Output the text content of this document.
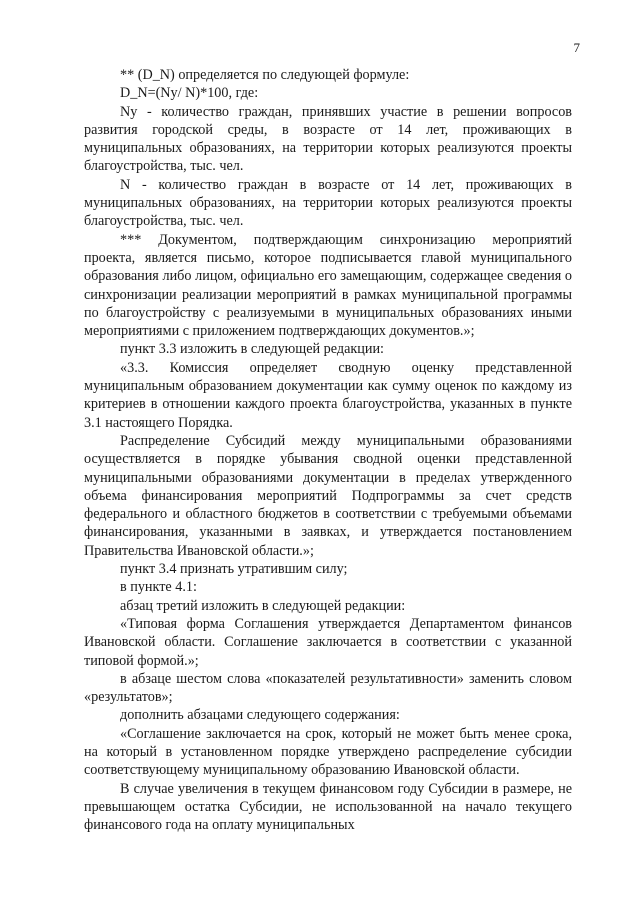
7

** (D_N) определяется по следующей формуле:

D_N=(Ny/ N)*100, где:

Ny - количество граждан, принявших участие в решении вопросов развития городской среды, в возрасте от 14 лет, проживающих в муниципальных образованиях, на территории которых реализуются проекты благоустройства, тыс. чел.

N - количество граждан в возрасте от 14 лет, проживающих в муниципальных образованиях, на территории которых реализуются проекты благоустройства, тыс. чел.

*** Документом, подтверждающим синхронизацию мероприятий проекта, является письмо, которое подписывается главой муниципального образования либо лицом, официально его замещающим, содержащее сведения о синхронизации реализации мероприятий в рамках муниципальной программы по благоустройству с реализуемыми в муниципальных образованиях иными мероприятиями с приложением подтверждающих документов.»;

пункт 3.3 изложить в следующей редакции:

«3.3. Комиссия определяет сводную оценку представленной муниципальным образованием документации как сумму оценок по каждому из критериев в отношении каждого проекта благоустройства, указанных в пункте 3.1 настоящего Порядка.

Распределение Субсидий между муниципальными образованиями осуществляется в порядке убывания сводной оценки представленной муниципальными образованиями документации в пределах утвержденного объема финансирования мероприятий Подпрограммы за счет средств федерального и областного бюджетов в соответствии с требуемыми объемами финансирования, указанными в заявках, и утверждается постановлением Правительства Ивановской области.»;

пункт 3.4 признать утратившим силу;

в пункте 4.1:

абзац третий изложить в следующей редакции:

«Типовая форма Соглашения утверждается Департаментом финансов Ивановской области. Соглашение заключается в соответствии с указанной типовой формой.»;

в абзаце шестом слова «показателей результативности» заменить словом «результатов»;

дополнить абзацами следующего содержания:

«Соглашение заключается на срок, который не может быть менее срока, на который в установленном порядке утверждено распределение субсидии соответствующему муниципальному образованию Ивановской области.

В случае увеличения в текущем финансовом году Субсидии в размере, не превышающем остатка Субсидии, не использованной на начало текущего финансового года на оплату муниципальных
